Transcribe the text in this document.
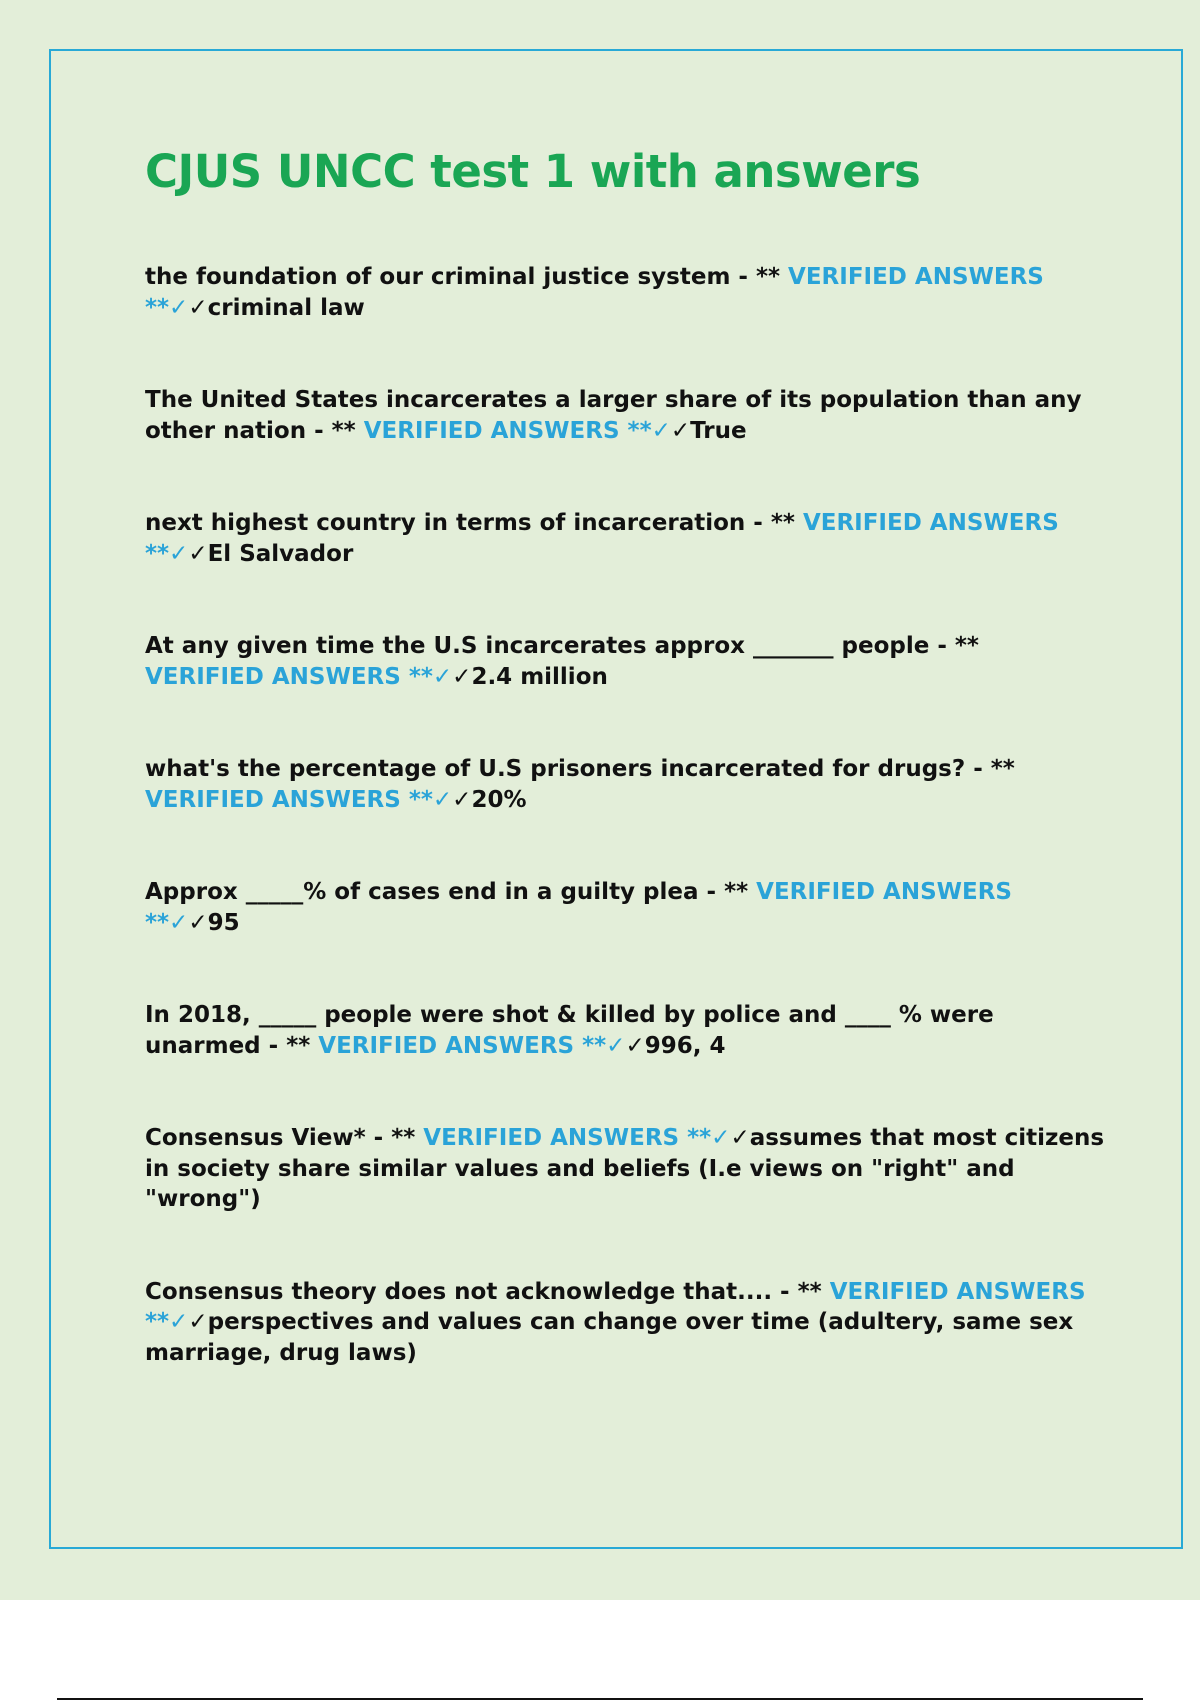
CJUS UNCC test 1 with answers

the foundation of our criminal justice system - ** VERIFIED ANSWERS **✓✓criminal law

The United States incarcerates a larger share of its population than any other nation - ** VERIFIED ANSWERS **✓✓True

next highest country in terms of incarceration - ** VERIFIED ANSWERS **✓✓El Salvador

At any given time the U.S incarcerates approx _______ people - ** VERIFIED ANSWERS **✓✓2.4 million

what's the percentage of U.S prisoners incarcerated for drugs? - ** VERIFIED ANSWERS **✓✓20%

Approx _____% of cases end in a guilty plea - ** VERIFIED ANSWERS **✓✓95

In 2018, _____ people were shot & killed by police and ____ % were unarmed - ** VERIFIED ANSWERS **✓✓996, 4

Consensus View* - ** VERIFIED ANSWERS **✓✓assumes that most citizens in society share similar values and beliefs (I.e views on "right" and "wrong")

Consensus theory does not acknowledge that.... - ** VERIFIED ANSWERS **✓✓perspectives and values can change over time (adultery, same sex marriage, drug laws)
